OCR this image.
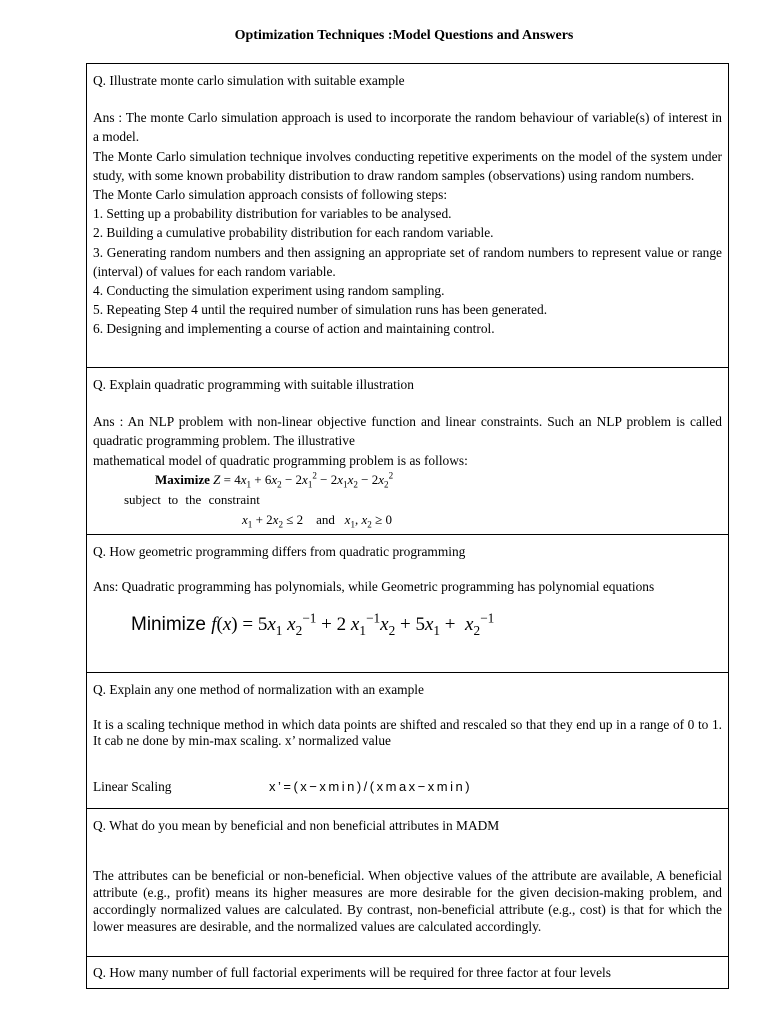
Optimization Techniques :Model Questions and Answers

Q. Illustrate monte carlo simulation with suitable example

Ans : The monte Carlo simulation approach is used to incorporate the random behaviour of variable(s) of interest in a model.

The Monte Carlo simulation technique involves conducting repetitive experiments on the model of the system under study, with some known probability distribution to draw random samples (observations) using random numbers.

The Monte Carlo simulation approach consists of following steps:

1. Setting up a probability distribution for variables to be analysed.

2. Building a cumulative probability distribution for each random variable.

3. Generating random numbers and then assigning an appropriate set of random numbers to represent value or range (interval) of values for each random variable.

4. Conducting the simulation experiment using random sampling.

5. Repeating Step 4 until the required number of simulation runs has been generated.

6. Designing and implementing a course of action and maintaining control.

Q. Explain quadratic programming with suitable illustration

Ans : An NLP problem with non-linear objective function and linear constraints. Such an NLP problem is called quadratic programming problem. The illustrative

mathematical model of quadratic programming problem is as follows:

Maximize $Z = 4x_1 + 6x_2 - 2x_1^2 - 2x_1x_2 - 2x_2^2$
subject to the constraint
$x_1 + 2x_2 \le 2$    and $x_1$, $x_2 \ge 0$

Q. How geometric programming differs from quadratic programming

Ans: Quadratic programming has polynomials, while Geometric programming has polynomial equations

Minimize $f(x) = 5x_1$ $x_2^{-1} + 2$ $x_1^{-1}x_2 + 5x_1 + x_2^{-1}$

Q. Explain any one method of normalization with an example

It is a scaling technique method in which data points are shifted and rescaled so that they end up in a range of 0 to 1. It cab ne done by min-max scaling. x’ normalized value

Linear Scaling	x’=(x−xmin)/(xmax−xmin)

Q. What do you mean by beneficial and non beneficial attributes in MADM

The attributes can be beneficial or non-beneficial. When objective values of the attribute are available, A beneficial attribute (e.g., profit) means its higher measures are more desirable for the given decision-making problem, and accordingly normalized values are calculated. By contrast, non-beneficial attribute (e.g., cost) is that for which the lower measures are desirable, and the normalized values are calculated accordingly.

Q. How many number of full factorial experiments will be required for three factor at four levels
